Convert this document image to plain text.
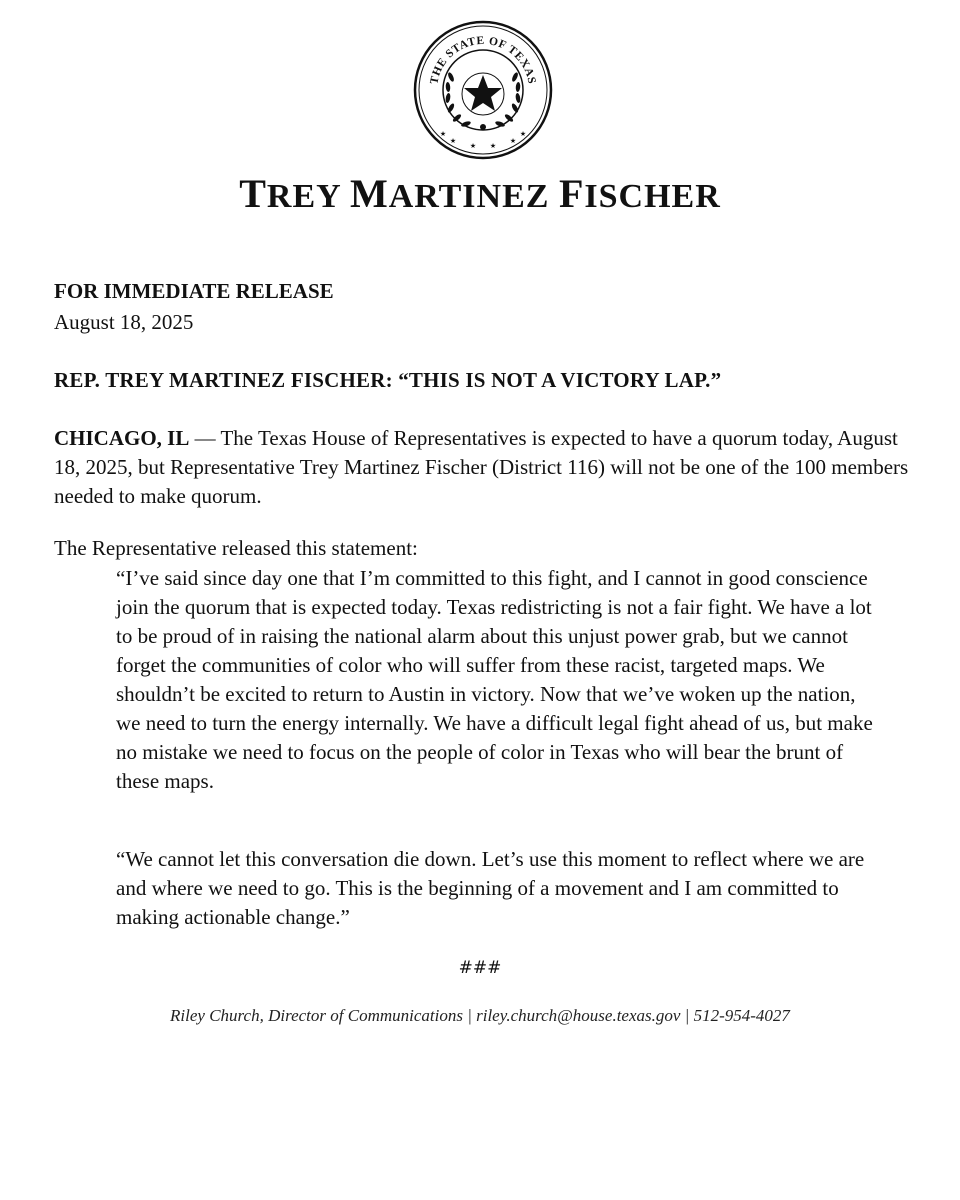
THE STATE OF TEXAS
★
★	★
★
★ ★
TREY MARTINEZ FISCHER
FOR IMMEDIATE RELEASE
August 18, 2025
REP. TREY MARTINEZ FISCHER: “THIS IS NOT A VICTORY LAP.”
CHICAGO, IL — The Texas House of Representatives is expected to have a quorum today, August 18, 2025, but Representative Trey Martinez Fischer (District 116) will not be one of the 100 members needed to make quorum.
The Representative released this statement:

“I’ve said since day one that I’m committed to this fight, and I cannot in good conscience join the quorum that is expected today. Texas redistricting is not a fair fight. We have a lot to be proud of in raising the national alarm about this unjust power grab, but we cannot forget the communities of color who will suffer from these racist, targeted maps. We shouldn’t be excited to return to Austin in victory. Now that we’ve woken up the nation, we need to turn the energy internally. We have a difficult legal fight ahead of us, but make no mistake we need to focus on the people of color in Texas who will bear the brunt of these maps.

“We cannot let this conversation die down. Let’s use this moment to reflect where we are and where we need to go. This is the beginning of a movement and I am committed to making actionable change.”

###
Riley Church, Director of Communications | riley.church@house.texas.gov | 512-954-4027
